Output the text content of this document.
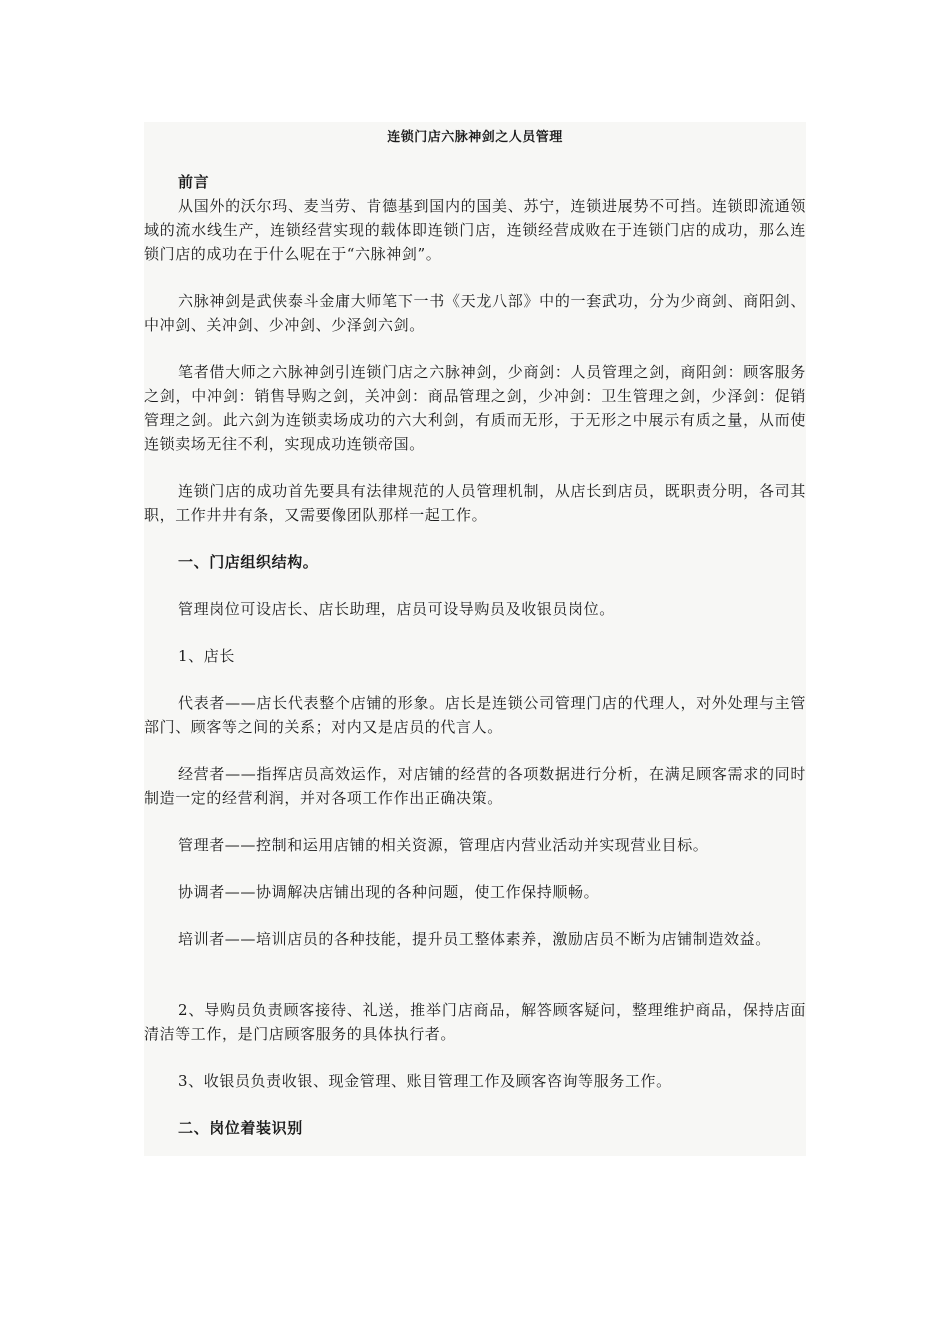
连锁门店六脉神剑之人员管理

前言

从国外的沃尔玛、麦当劳、肯德基到国内的国美、苏宁，连锁进展势不可挡。连锁即流通领域的流水线生产，连锁经营实现的载体即连锁门店，连锁经营成败在于连锁门店的成功，那么连锁门店的成功在于什么呢在于“六脉神剑”。

六脉神剑是武侠泰斗金庸大师笔下一书《天龙八部》中的一套武功，分为少商剑、商阳剑、中冲剑、关冲剑、少冲剑、少泽剑六剑。

笔者借大师之六脉神剑引连锁门店之六脉神剑，少商剑：人员管理之剑，商阳剑：顾客服务之剑，中冲剑：销售导购之剑，关冲剑：商品管理之剑，少冲剑：卫生管理之剑，少泽剑：促销管理之剑。此六剑为连锁卖场成功的六大利剑，有质而无形，于无形之中展示有质之量，从而使连锁卖场无往不利，实现成功连锁帝国。

连锁门店的成功首先要具有法律规范的人员管理机制，从店长到店员，既职责分明，各司其职，工作井井有条，又需要像团队那样一起工作。

一、门店组织结构。

管理岗位可设店长、店长助理，店员可设导购员及收银员岗位。

1、店长

代表者——店长代表整个店铺的形象。店长是连锁公司管理门店的代理人，对外处理与主管部门、顾客等之间的关系；对内又是店员的代言人。

经营者——指挥店员高效运作，对店铺的经营的各项数据进行分析，在满足顾客需求的同时制造一定的经营利润，并对各项工作作出正确决策。

管理者——控制和运用店铺的相关资源，管理店内营业活动并实现营业目标。

协调者——协调解决店铺出现的各种问题，使工作保持顺畅。

培训者——培训店员的各种技能，提升员工整体素养，激励店员不断为店铺制造效益。

2、导购员负责顾客接待、礼送，推举门店商品，解答顾客疑问，整理维护商品，保持店面清洁等工作，是门店顾客服务的具体执行者。

3、收银员负责收银、现金管理、账目管理工作及顾客咨询等服务工作。

二、岗位着装识别
